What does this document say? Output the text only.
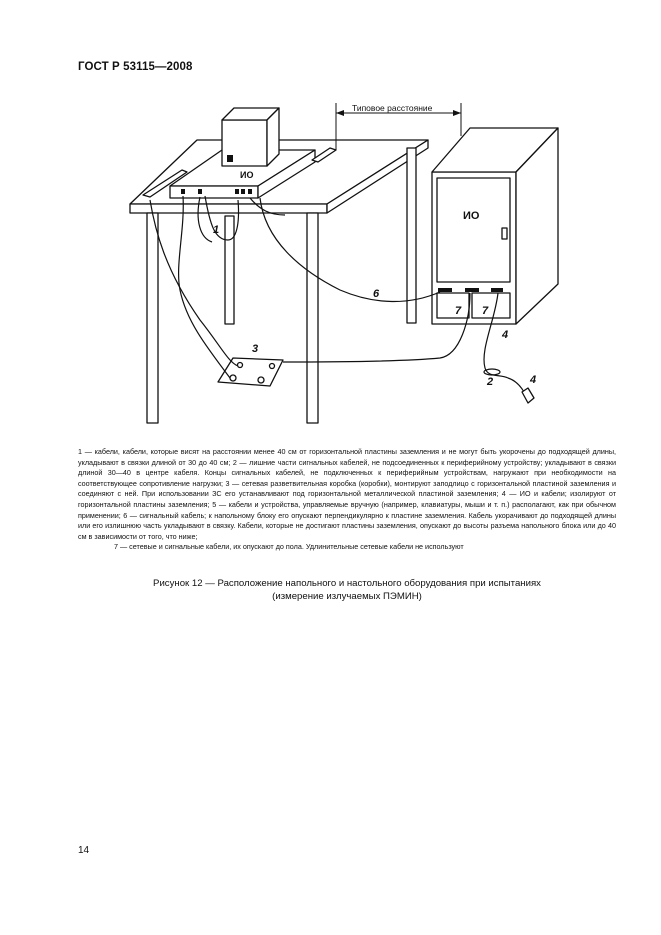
ГОСТ Р 53115—2008
Типовое расстояние
ИО
ИО
1
6
7 7
4
3
2	4

1 — кабели, кабели, которые висят на расстоянии менее 40 см от горизонтальной пластины заземления и не могут быть укорочены до подходящей длины, укладывают в связки длиной от 30 до 40 см; 2 — лишние части сигнальных кабелей, не подсоединенных к периферийному устройству; укладывают в связки длиной 30—40 в центре кабеля. Концы сигнальных кабелей, не подключенных к периферийным устройствам, нагружают при необходимости на соответствующее сопротивление нагрузки; 3 — сетевая разветвительная коробка (коробки), монтируют заподлицо с горизонтальной пластиной заземления и соединяют с ней. При использовании ЗС его устанавливают под горизонтальной металлической пластиной заземления; 4 — ИО и кабели; изолируют от горизонтальной пластины заземления; 5 — кабели и устройства, управляемые вручную (например, клавиатуры, мыши и т. п.) располагают, как при обычном применении; 6 — сигнальный кабель; к напольному блоку его опускают перпендикулярно к пластине заземления. Кабель укорачивают до подходящей длины или его излишнюю часть укладывают в связку. Кабели, которые не достигают пластины заземления, опускают до высоты разъема напольного блока или до 40 см в зависимости от того, что ниже;

7 — сетевые и сигнальные кабели, их опускают до пола. Удлинительные сетевые кабели не используют

Рисунок 12 — Расположение напольного и настольного оборудования при испытаниях
(измерение излучаемых ПЭМИН)
14
